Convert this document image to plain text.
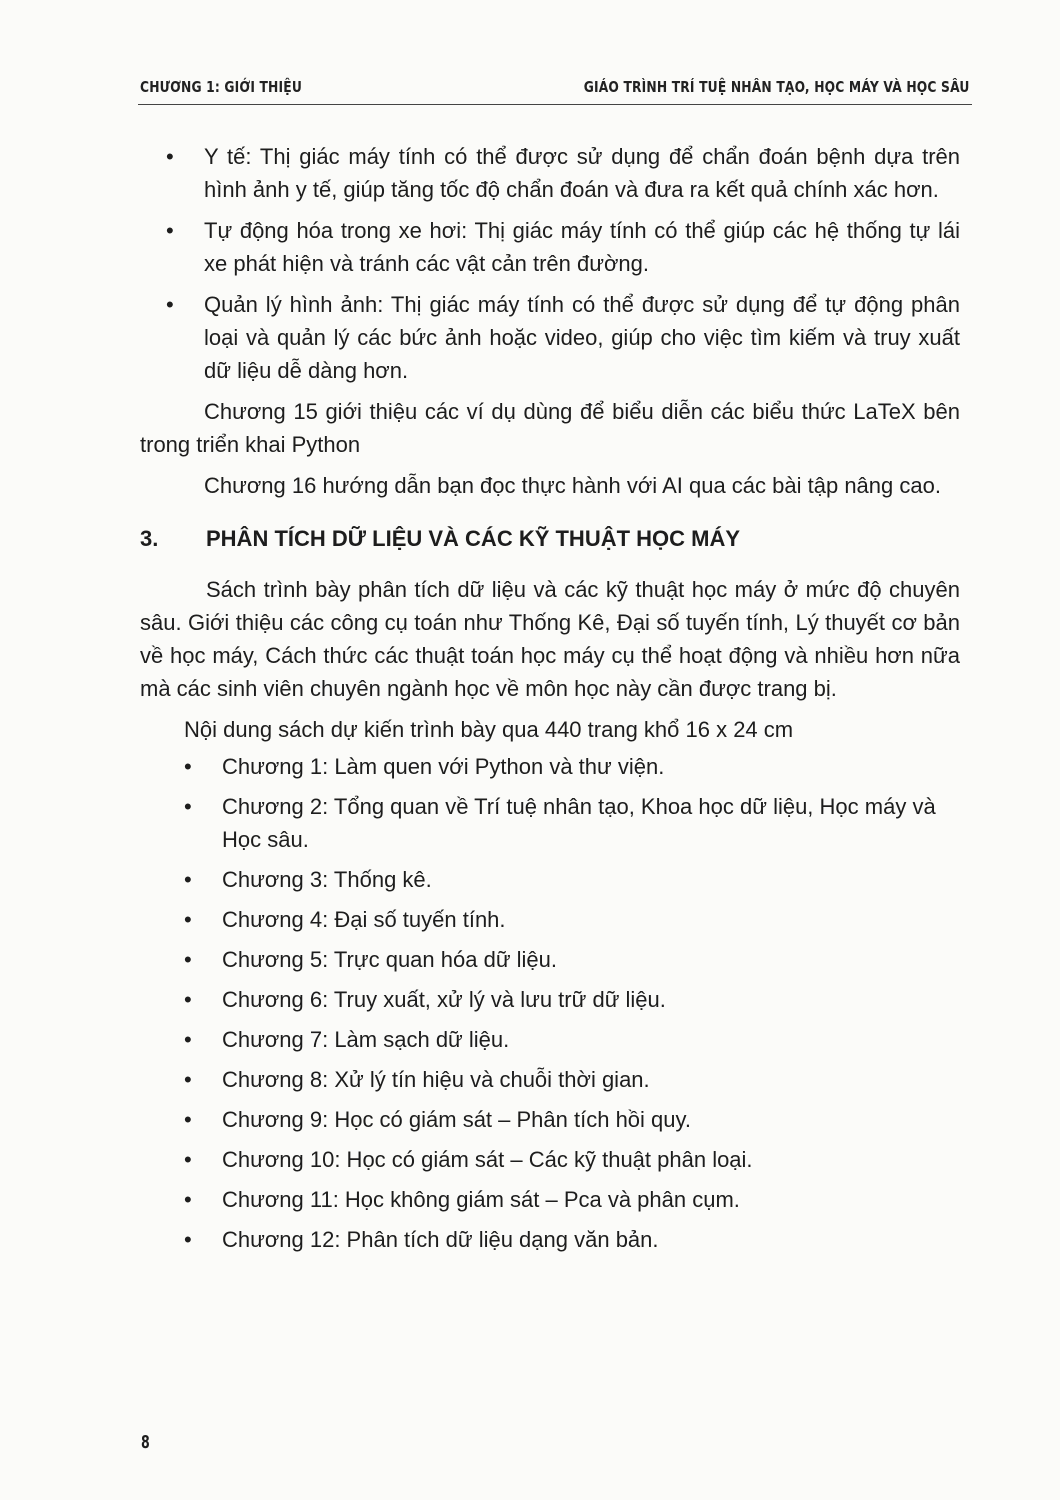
CHƯƠNG 1: GIỚI THIỆU	GIÁO TRÌNH TRÍ TUỆ NHÂN TẠO, HỌC MÁY VÀ HỌC SÂU
• Y tế: Thị giác máy tính có thể được sử dụng để chẩn đoán bệnh dựa trên hình ảnh y tế, giúp tăng tốc độ chẩn đoán và đưa ra kết quả chính xác hơn.
• Tự động hóa trong xe hơi: Thị giác máy tính có thể giúp các hệ thống tự lái xe phát hiện và tránh các vật cản trên đường.
• Quản lý hình ảnh: Thị giác máy tính có thể được sử dụng để tự động phân loại và quản lý các bức ảnh hoặc video, giúp cho việc tìm kiếm và truy xuất dữ liệu dễ dàng hơn.
Chương 15 giới thiệu các ví dụ dùng để biểu diễn các biểu thức LaTeX bên trong triển khai Python
Chương 16 hướng dẫn bạn đọc thực hành với AI qua các bài tập nâng cao.
3.	PHÂN TÍCH DỮ LIỆU VÀ CÁC KỸ THUẬT HỌC MÁY
Sách trình bày phân tích dữ liệu và các kỹ thuật học máy ở mức độ chuyên sâu. Giới thiệu các công cụ toán như Thống Kê, Đại số tuyến tính, Lý thuyết cơ bản về học máy, Cách thức các thuật toán học máy cụ thể hoạt động và nhiều hơn nữa mà các sinh viên chuyên ngành học về môn học này cần được trang bị.
Nội dung sách dự kiến trình bày qua 440 trang khổ 16 x 24 cm
• Chương 1: Làm quen với Python và thư viện.
• Chương 2: Tổng quan về Trí tuệ nhân tạo, Khoa học dữ liệu, Học máy và Học sâu.
• Chương 3: Thống kê.
• Chương 4: Đại số tuyến tính.
• Chương 5: Trực quan hóa dữ liệu.
• Chương 6: Truy xuất, xử lý và lưu trữ dữ liệu.
• Chương 7: Làm sạch dữ liệu.
• Chương 8: Xử lý tín hiệu và chuỗi thời gian.
• Chương 9: Học có giám sát – Phân tích hồi quy.
• Chương 10: Học có giám sát – Các kỹ thuật phân loại.
• Chương 11: Học không giám sát – Pca và phân cụm.
• Chương 12: Phân tích dữ liệu dạng văn bản.
8
